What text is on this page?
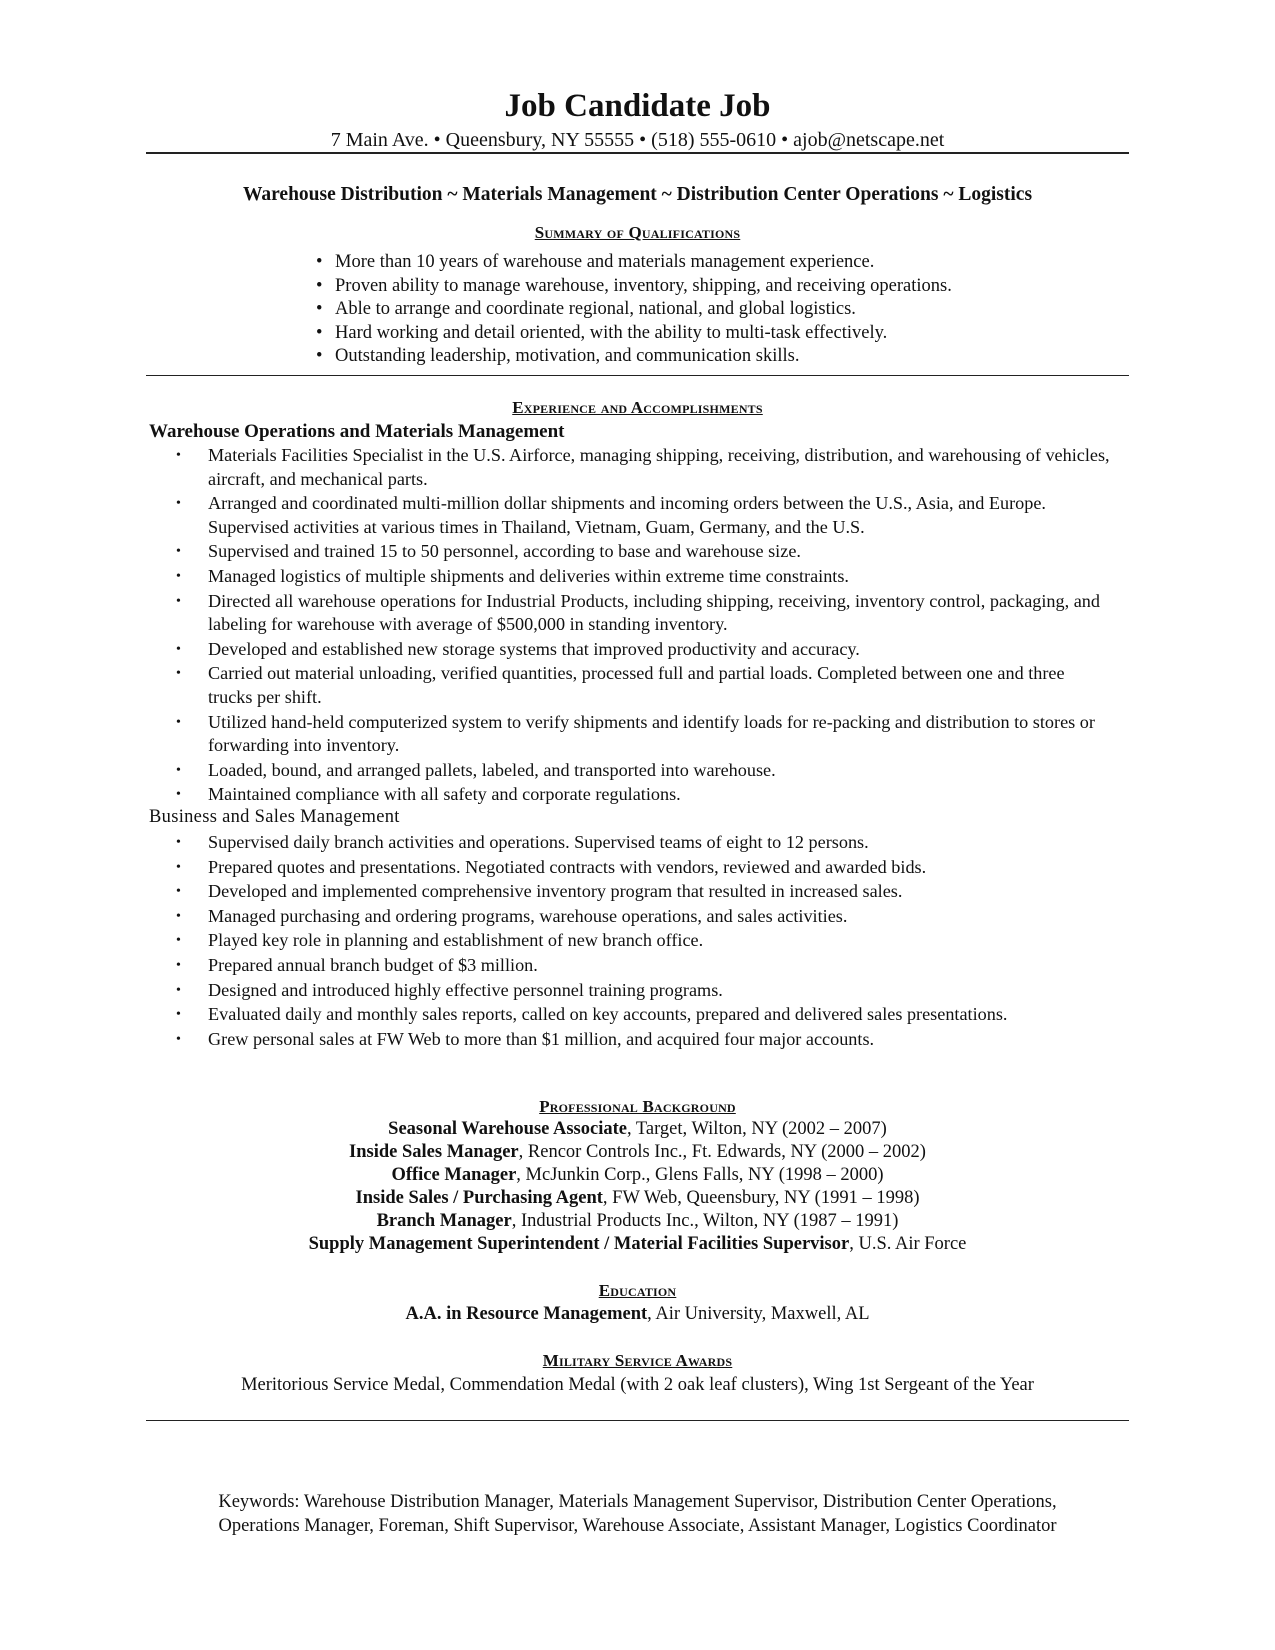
Job Candidate Job
7 Main Ave. • Queensbury, NY 55555 • (518) 555-0610 • ajob@netscape.net
Warehouse Distribution ~ Materials Management ~ Distribution Center Operations ~ Logistics
Summary of Qualifications
• More than 10 years of warehouse and materials management experience.
• Proven ability to manage warehouse, inventory, shipping, and receiving operations.
• Able to arrange and coordinate regional, national, and global logistics.
• Hard working and detail oriented, with the ability to multi-task effectively.
• Outstanding leadership, motivation, and communication skills.
Experience and Accomplishments
Warehouse Operations and Materials Management
• Materials Facilities Specialist in the U.S. Airforce, managing shipping, receiving, distribution, and warehousing of vehicles, aircraft, and mechanical parts.
• Arranged and coordinated multi-million dollar shipments and incoming orders between the U.S., Asia, and Europe. Supervised activities at various times in Thailand, Vietnam, Guam, Germany, and the U.S.
• Supervised and trained 15 to 50 personnel, according to base and warehouse size.
• Managed logistics of multiple shipments and deliveries within extreme time constraints.
• Directed all warehouse operations for Industrial Products, including shipping, receiving, inventory control, packaging, and labeling for warehouse with average of $500,000 in standing inventory.
• Developed and established new storage systems that improved productivity and accuracy.
• Carried out material unloading, verified quantities, processed full and partial loads. Completed between one and three trucks per shift.
• Utilized hand-held computerized system to verify shipments and identify loads for re-packing and distribution to stores or forwarding into inventory.
• Loaded, bound, and arranged pallets, labeled, and transported into warehouse.
• Maintained compliance with all safety and corporate regulations.
Business and Sales Management
• Supervised daily branch activities and operations. Supervised teams of eight to 12 persons.
• Prepared quotes and presentations. Negotiated contracts with vendors, reviewed and awarded bids.
• Developed and implemented comprehensive inventory program that resulted in increased sales.
• Managed purchasing and ordering programs, warehouse operations, and sales activities.
• Played key role in planning and establishment of new branch office.
• Prepared annual branch budget of $3 million.
• Designed and introduced highly effective personnel training programs.
• Evaluated daily and monthly sales reports, called on key accounts, prepared and delivered sales presentations.
• Grew personal sales at FW Web to more than $1 million, and acquired four major accounts.
Professional Background
Seasonal Warehouse Associate, Target, Wilton, NY (2002 – 2007)
Inside Sales Manager, Rencor Controls Inc., Ft. Edwards, NY (2000 – 2002)
Office Manager, McJunkin Corp., Glens Falls, NY (1998 – 2000)
Inside Sales / Purchasing Agent, FW Web, Queensbury, NY (1991 – 1998)
Branch Manager, Industrial Products Inc., Wilton, NY (1987 – 1991)
Supply Management Superintendent / Material Facilities Supervisor, U.S. Air Force
Education
A.A. in Resource Management, Air University, Maxwell, AL
Military Service Awards
Meritorious Service Medal, Commendation Medal (with 2 oak leaf clusters), Wing 1st Sergeant of the Year
Keywords: Warehouse Distribution Manager, Materials Management Supervisor, Distribution Center Operations,
Operations Manager, Foreman, Shift Supervisor, Warehouse Associate, Assistant Manager, Logistics Coordinator
